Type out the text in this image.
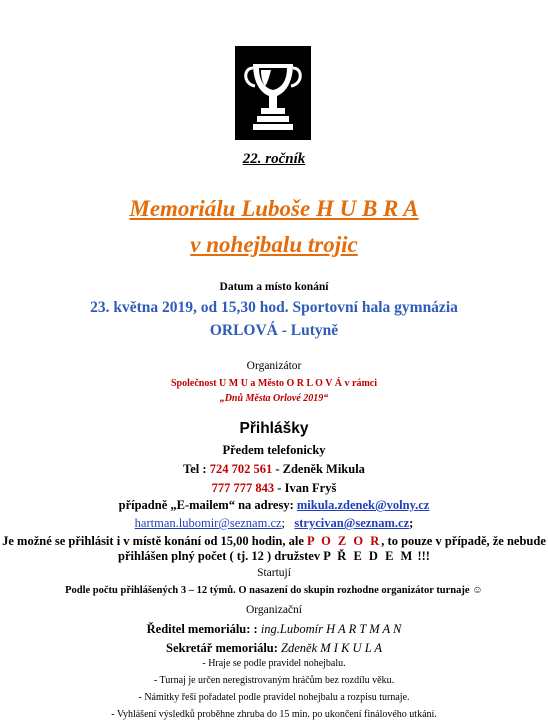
22. ročník
Memoriálu Luboše H U B R A
v nohejbalu trojic
Datum a místo konání
23. května 2019, od 15,30 hod. Sportovní hala gymnázia
ORLOVÁ - Lutyně
Organizátor
Společnost U M U a Město O R L O V Á v rámci
„Dnů Města Orlové 2019“
Přihlášky
Předem telefonicky
Tel : 724 702 561 - Zdeněk Mikula
777 777 843 - Ivan Fryš
případně „E-mailem“ na adresy: mikula.zdenek@volny.cz
hartman.lubomir@seznam.cz; strycivan@seznam.cz;
Je možné se přihlásit i v místě konání od 15,00 hodin, ale P O Z O R, to pouze v případě, že nebude
přihlášen plný počet ( tj. 12 ) družstev P Ř E D E M !!!
Startují
Podle počtu přihlášených 3 – 12 týmů. O nasazení do skupin rozhodne organizátor turnaje ☺
Organizační
Ředitel memoriálu: : ing.Lubomír H A R T M A N
Sekretář memoriálu: Zdeněk M I K U L A
- Hraje se podle pravidel nohejbalu.
- Turnaj je určen neregistrovaným hráčům bez rozdílu věku.
- Námitky řeší pořadatel podle pravidel nohejbalu a rozpisu turnaje.
- Vyhlášení výsledků proběhne zhruba do 15 min. po ukončení finálového utkání.
